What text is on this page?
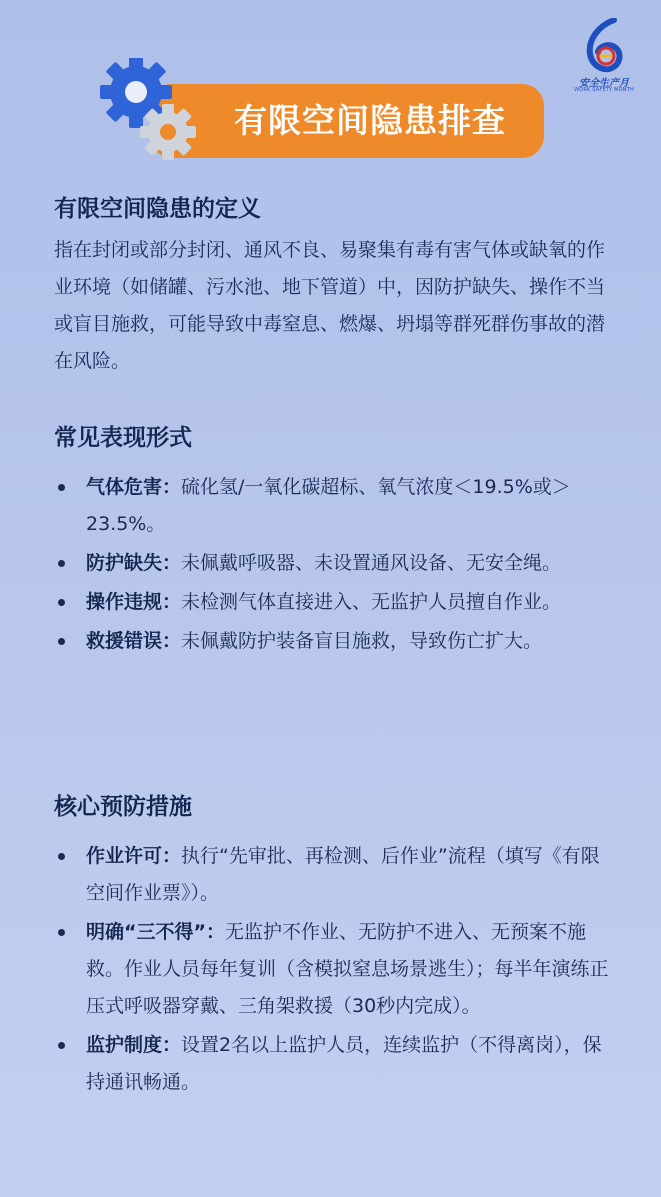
安全生产月
WORK SAFETY MONTH
有限空间隐患排查
有限空间隐患的定义
指在封闭或部分封闭、通风不良、易聚集有毒有害气体或缺氧的作业环境（如储罐、污水池、地下管道）中，因防护缺失、操作不当或盲目施救，可能导致中毒窒息、燃爆、坍塌等群死群伤事故的潜在风险。
常见表现形式
气体危害：硫化氢/一氧化碳超标、氧气浓度＜19.5%或＞23.5%。
防护缺失：未佩戴呼吸器、未设置通风设备、无安全绳。
操作违规：未检测气体直接进入、无监护人员擅自作业。
救援错误：未佩戴防护装备盲目施救，导致伤亡扩大。
核心预防措施
作业许可：执行“先审批、再检测、后作业”流程（填写《有限空间作业票》）。
明确“三不得”：无监护不作业、无防护不进入、无预案不施救。作业人员每年复训（含模拟窒息场景逃生）；每半年演练正压式呼吸器穿戴、三角架救援（30秒内完成）。
监护制度：设置2名以上监护人员，连续监护（不得离岗），保持通讯畅通。
